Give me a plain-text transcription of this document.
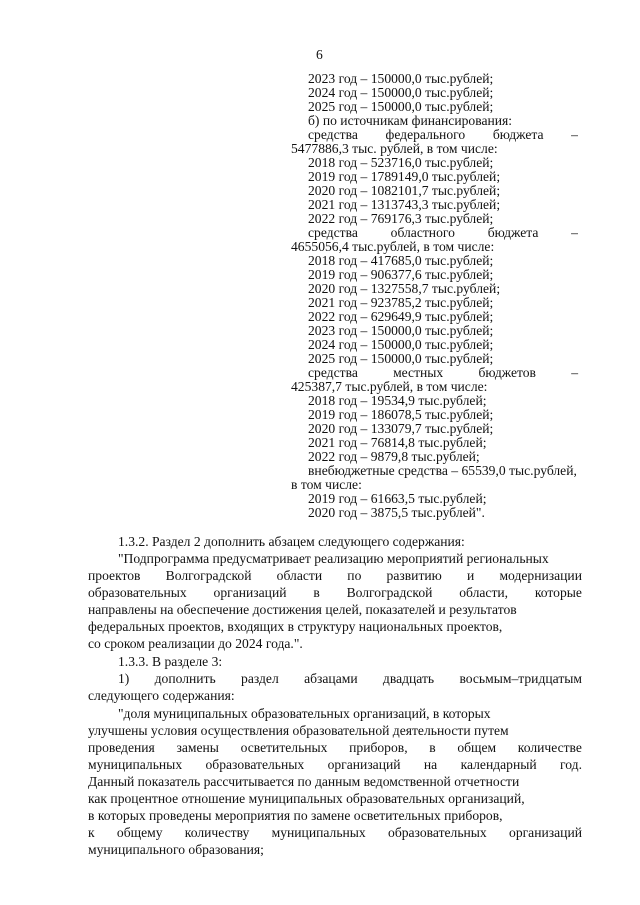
6
2023 год – 150000,0 тыс.рублей;
2024 год – 150000,0 тыс.рублей;
2025 год – 150000,0 тыс.рублей;
б) по источникам финансирования:
средства федерального бюджета –
5477886,3 тыс. рублей, в том числе:
2018 год – 523716,0 тыс.рублей;
2019 год – 1789149,0 тыс.рублей;
2020 год – 1082101,7 тыс.рублей;
2021 год – 1313743,3 тыс.рублей;
2022 год – 769176,3 тыс.рублей;
средства областного бюджета –
4655056,4 тыс.рублей, в том числе:
2018 год – 417685,0 тыс.рублей;
2019 год – 906377,6 тыс.рублей;
2020 год – 1327558,7 тыс.рублей;
2021 год – 923785,2 тыс.рублей;
2022 год – 629649,9 тыс.рублей;
2023 год – 150000,0 тыс.рублей;
2024 год – 150000,0 тыс.рублей;
2025 год – 150000,0 тыс.рублей;
средства	местных	бюджетов	–
425387,7 тыс.рублей, в том числе:
2018 год – 19534,9 тыс.рублей;
2019 год – 186078,5 тыс.рублей;
2020 год – 133079,7 тыс.рублей;
2021 год – 76814,8 тыс.рублей;
2022 год – 9879,8 тыс.рублей;
внебюджетные средства – 65539,0 тыс.рублей,
в том числе:
2019 год – 61663,5 тыс.рублей;
2020 год – 3875,5 тыс.рублей".
1.3.2. Раздел 2 дополнить абзацем следующего содержания:
"Подпрограмма предусматривает реализацию мероприятий региональных
проектов Волгоградской области по развитию и модернизации
образовательных организаций в Волгоградской области, которые
направлены на обеспечение достижения целей, показателей и результатов
федеральных проектов, входящих в структуру национальных проектов,
со сроком реализации до 2024 года.".
1.3.3. В разделе 3:
1) дополнить раздел абзацами двадцать восьмым–тридцатым
следующего содержания:
"доля муниципальных образовательных организаций, в которых
улучшены условия осуществления образовательной деятельности путем
проведения замены осветительных приборов, в общем количестве
муниципальных образовательных организаций на календарный год.
Данный показатель рассчитывается по данным ведомственной отчетности
как процентное отношение муниципальных образовательных организаций,
в которых проведены мероприятия по замене осветительных приборов,
к общему количеству муниципальных образовательных организаций
муниципального образования;
